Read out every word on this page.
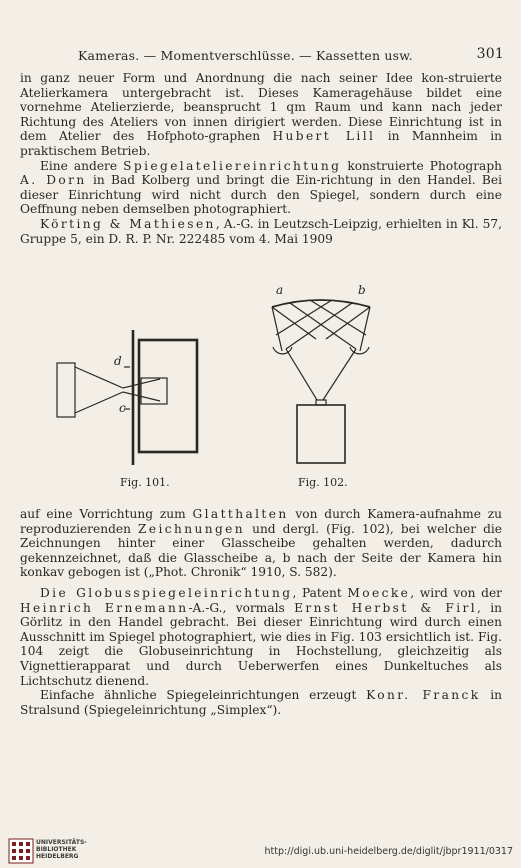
Kameras. — Momentverschlüsse. — Kassetten usw.	301

in ganz neuer Form und Anordnung die nach seiner Idee kon-struierte Atelierkamera untergebracht ist. Dieses Kameragehäuse bildet eine vornehme Atelierzierde, beansprucht 1 qm Raum und kann nach jeder Richtung des Ateliers von innen dirigiert werden. Diese Einrichtung ist in dem Atelier des Hofphoto-graphen Hubert Lill in Mannheim in praktischem Betrieb.

Eine andere Spiegelateliereinrichtung konstruierte Photograph A. Dorn in Bad Kolberg und bringt die Ein-richtung in den Handel. Bei dieser Einrichtung wird nicht durch den Spiegel, sondern durch eine Oeffnung neben demselben photographiert.

Körting & Mathiesen, A.-G. in Leutzsch-Leipzig, erhielten in Kl. 57, Gruppe 5, ein D. R. P. Nr. 222485 vom 4. Mai 1909

d
c
a	b
Fig. 101.	Fig. 102.

auf eine Vorrichtung zum Glatthalten von durch Kamera-aufnahme zu reproduzierenden Zeichnungen und dergl. (Fig. 102), bei welcher die Zeichnungen hinter einer Glasscheibe gehalten werden, dadurch gekennzeichnet, daß die Glasscheibe a, b nach der Seite der Kamera hin konkav gebogen ist („Phot. Chronik“ 1910, S. 582).

Die Globusspiegeleinrichtung, Patent Moecke, wird von der Heinrich Ernemann-A.-G., vormals Ernst Herbst & Firl, in Görlitz in den Handel gebracht. Bei dieser Einrichtung wird durch einen Ausschnitt im Spiegel photographiert, wie dies in Fig. 103 ersichtlich ist. Fig. 104 zeigt die Globuseinrichtung in Hochstellung, gleichzeitig als Vignettierapparat und durch Ueberwerfen eines Dunkeltuches als Lichtschutz dienend.

Einfache ähnliche Spiegeleinrichtungen erzeugt Konr. Franck in Stralsund (Spiegeleinrichtung „Simplex“).

UNIVERSITÄTS-
BIBLIOTHEK
HEIDELBERG	http://digi.ub.uni-heidelberg.de/diglit/jbpr1911/0317
